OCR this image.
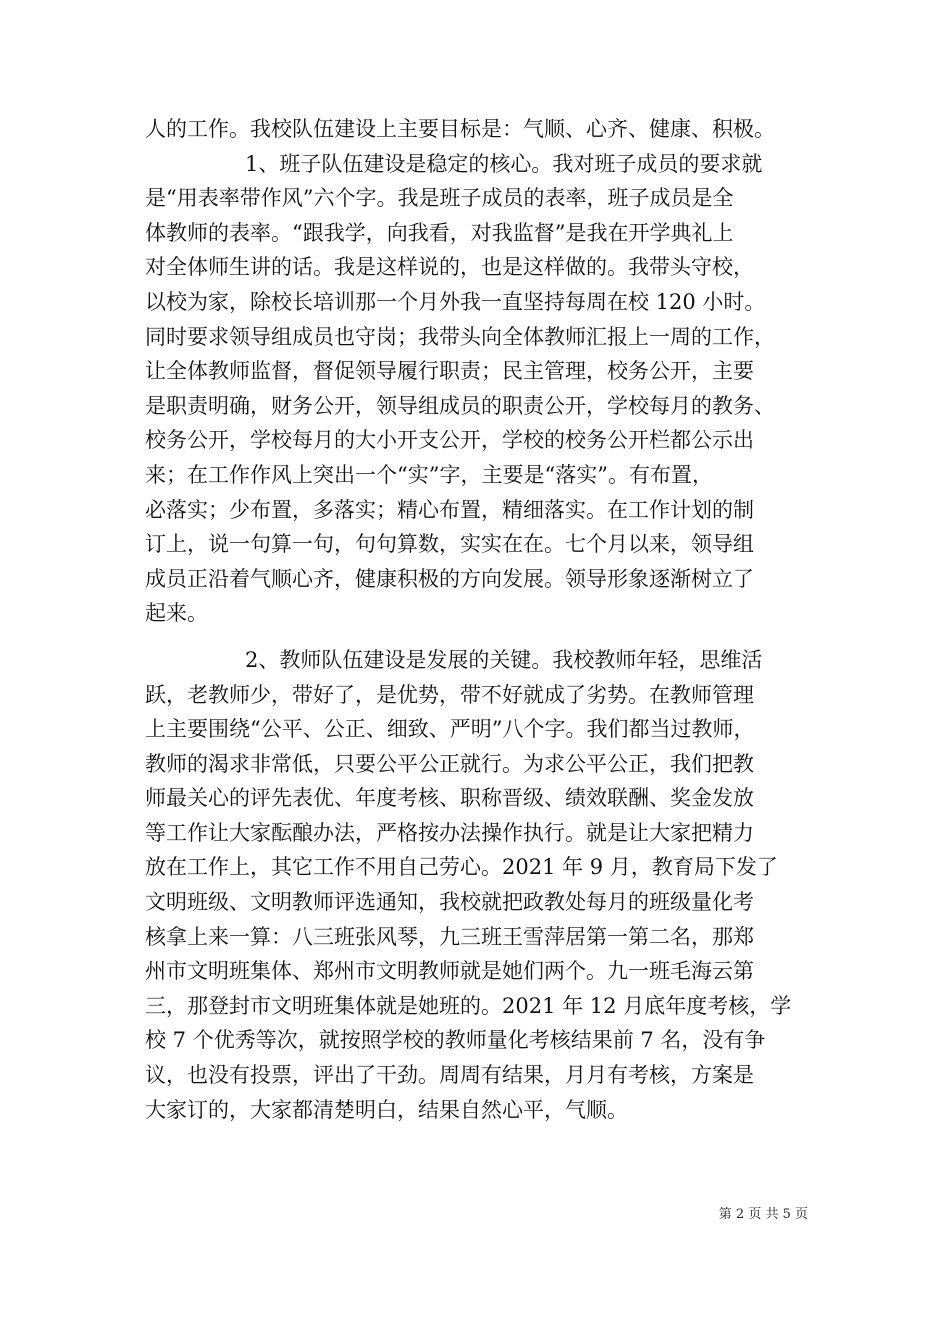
人的工作。我校队伍建设上主要目标是：气顺、心齐、健康、积极。
1、班子队伍建设是稳定的核心。我对班子成员的要求就
是“用表率带作风”六个字。我是班子成员的表率，班子成员是全
体教师的表率。“跟我学，向我看，对我监督”是我在开学典礼上
对全体师生讲的话。我是这样说的，也是这样做的。我带头守校，
以校为家，除校长培训那一个月外我一直坚持每周在校 120 小时。
同时要求领导组成员也守岗；我带头向全体教师汇报上一周的工作，
让全体教师监督，督促领导履行职责；民主管理，校务公开，主要
是职责明确，财务公开，领导组成员的职责公开，学校每月的教务、
校务公开，学校每月的大小开支公开，学校的校务公开栏都公示出
来；在工作作风上突出一个“实”字，主要是“落实”。有布置，
必落实；少布置，多落实；精心布置，精细落实。在工作计划的制
订上，说一句算一句，句句算数，实实在在。七个月以来，领导组
成员正沿着气顺心齐，健康积极的方向发展。领导形象逐渐树立了
起来。
2、教师队伍建设是发展的关键。我校教师年轻，思维活
跃，老教师少，带好了，是优势，带不好就成了劣势。在教师管理
上主要围绕“公平、公正、细致、严明”八个字。我们都当过教师，
教师的渴求非常低，只要公平公正就行。为求公平公正，我们把教
师最关心的评先表优、年度考核、职称晋级、绩效联酬、奖金发放
等工作让大家酝酿办法，严格按办法操作执行。就是让大家把精力
放在工作上，其它工作不用自己劳心。2021 年 9 月，教育局下发了
文明班级、文明教师评选通知，我校就把政教处每月的班级量化考
核拿上来一算：八三班张风琴，九三班王雪萍居第一第二名，那郑
州市文明班集体、郑州市文明教师就是她们两个。九一班毛海云第
三，那登封市文明班集体就是她班的。2021 年 12 月底年度考核，学
校 7 个优秀等次，就按照学校的教师量化考核结果前 7 名，没有争
议，也没有投票，评出了干劲。周周有结果，月月有考核，方案是
大家订的，大家都清楚明白，结果自然心平，气顺。
第 2 页 共 5 页
